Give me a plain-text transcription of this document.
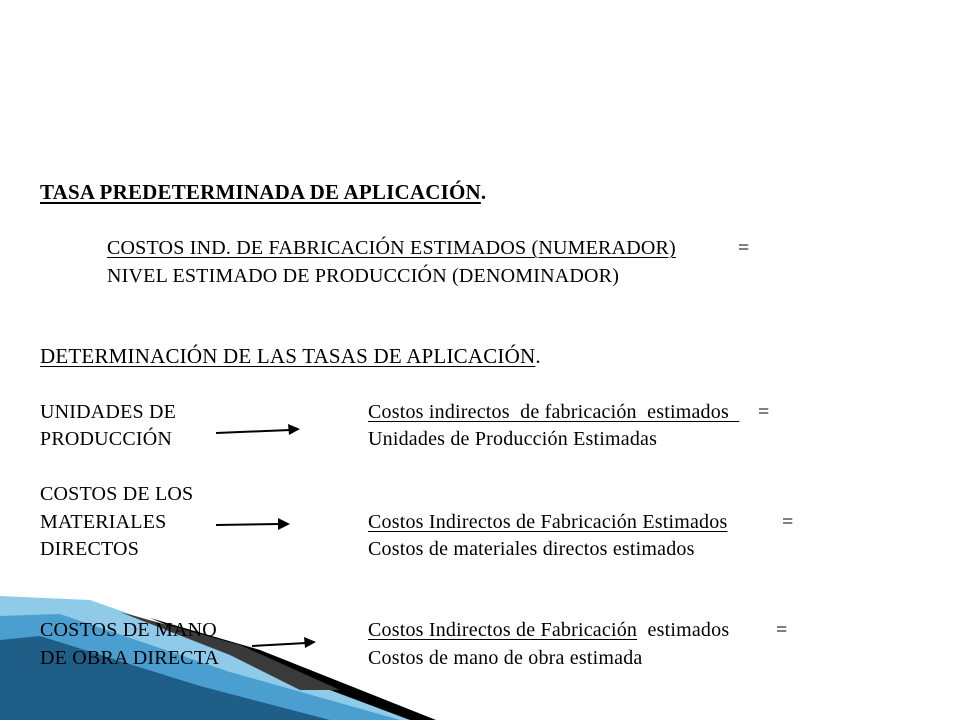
TASA PREDETERMINADA DE APLICACIÓN.
COSTOS IND. DE FABRICACIÓN ESTIMADOS (NUMERADOR)	=
NIVEL ESTIMADO DE PRODUCCIÓN (DENOMINADOR)
DETERMINACIÓN DE LAS TASAS DE APLICACIÓN.
UNIDADES DE
PRODUCCIÓN
Costos indirectos  de fabricación  estimados =
Unidades de Producción Estimadas
COSTOS DE LOS
MATERIALES
DIRECTOS
Costos Indirectos de Fabricación Estimados	=
Costos de materiales directos estimados
COSTOS DE MANO
DE OBRA DIRECTA
Costos Indirectos de Fabricación  estimados =
Costos de mano de obra estimada
